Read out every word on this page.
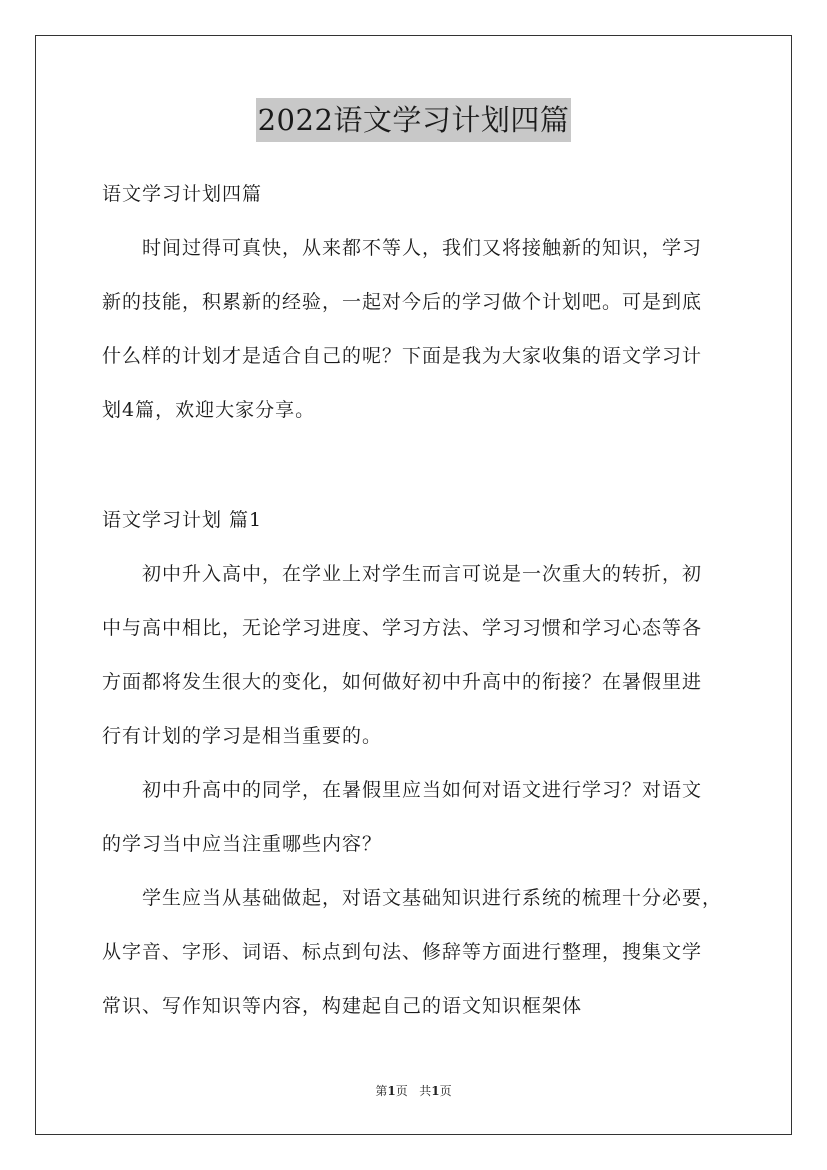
2022语文学习计划四篇
语文学习计划四篇
时间过得可真快，从来都不等人，我们又将接触新的知识，学习
新的技能，积累新的经验，一起对今后的学习做个计划吧。可是到底
什么样的计划才是适合自己的呢？下面是我为大家收集的语文学习计
划4篇，欢迎大家分享。
语文学习计划 篇1
初中升入高中，在学业上对学生而言可说是一次重大的转折，初
中与高中相比，无论学习进度、学习方法、学习习惯和学习心态等各
方面都将发生很大的变化，如何做好初中升高中的衔接？在暑假里进
行有计划的学习是相当重要的。
初中升高中的同学，在暑假里应当如何对语文进行学习？对语文
的学习当中应当注重哪些内容？
学生应当从基础做起，对语文基础知识进行系统的梳理十分必要，
从字音、字形、词语、标点到句法、修辞等方面进行整理，搜集文学
常识、写作知识等内容，构建起自己的语文知识框架体
第1页 共1页
